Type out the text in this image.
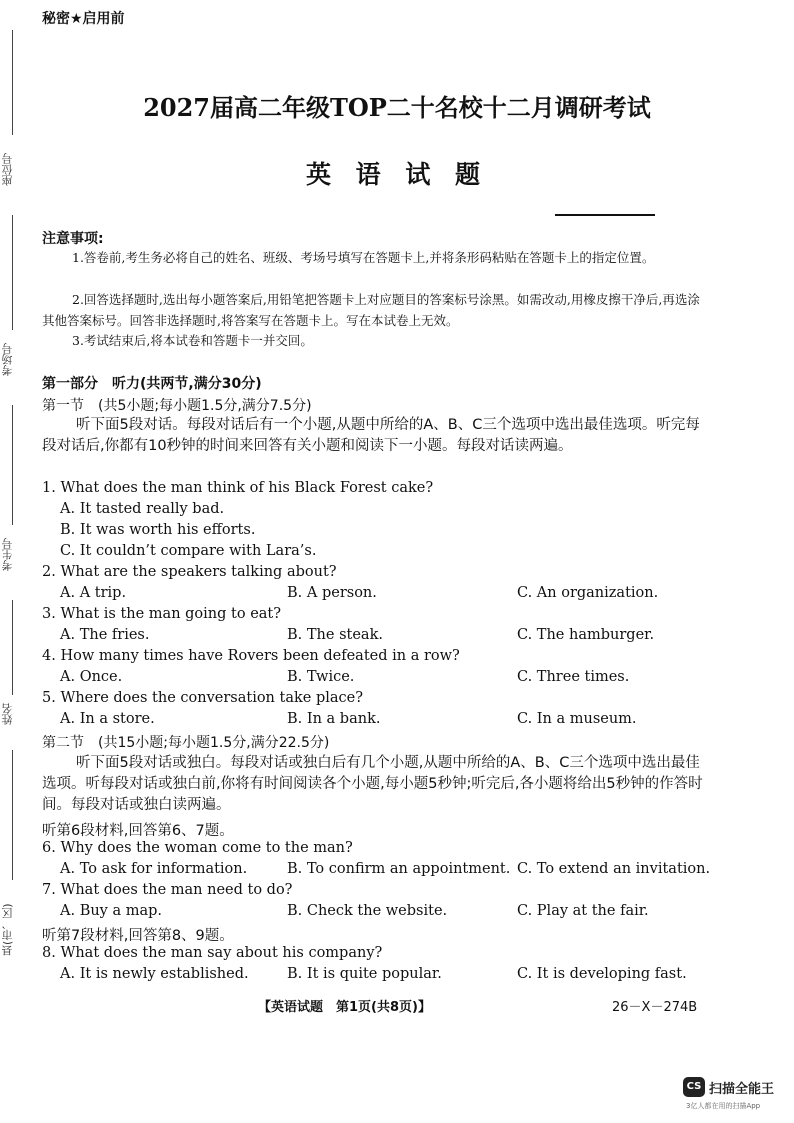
秘密★启用前
2027届高二年级TOP二十名校十二月调研考试
英 语 试 题
座位号
考场号
考生号
姓名
县(市、区)
注意事项:
1.答卷前,考生务必将自己的姓名、班级、考场号填写在答题卡上,并将条形码粘贴在答题卡上的指定位置。
2.回答选择题时,选出每小题答案后,用铅笔把答题卡上对应题目的答案标号涂黑。如需改动,用橡皮擦干净后,再选涂其他答案标号。回答非选择题时,将答案写在答题卡上。写在本试卷上无效。
3.考试结束后,将本试卷和答题卡一并交回。
第一部分　听力(共两节,满分30分)
第一节　(共5小题;每小题1.5分,满分7.5分)
听下面5段对话。每段对话后有一个小题,从题中所给的A、B、C三个选项中选出最佳选项。听完每段对话后,你都有10秒钟的时间来回答有关小题和阅读下一小题。每段对话读两遍。
1. What does the man think of his Black Forest cake?
A. It tasted really bad.
B. It was worth his efforts.
C. It couldn’t compare with Lara’s.
2. What are the speakers talking about?
A. A trip.	B. A person.	C. An organization.
3. What is the man going to eat?
A. The fries.	B. The steak.	C. The hamburger.
4. How many times have Rovers been defeated in a row?
A. Once.	B. Twice.	C. Three times.
5. Where does the conversation take place?
A. In a store.	B. In a bank.	C. In a museum.
第二节　(共15小题;每小题1.5分,满分22.5分)
听下面5段对话或独白。每段对话或独白后有几个小题,从题中所给的A、B、C三个选项中选出最佳选项。听每段对话或独白前,你将有时间阅读各个小题,每小题5秒钟;听完后,各小题将给出5秒钟的作答时间。每段对话或独白读两遍。
听第6段材料,回答第6、7题。
6. Why does the woman come to the man?
A. To ask for information.	B. To confirm an appointment. C. To extend an invitation.
7. What does the man need to do?
A. Buy a map.	B. Check the website.	C. Play at the fair.
听第7段材料,回答第8、9题。
8. What does the man say about his company?
A. It is newly established.	B. It is quite popular.	C. It is developing fast.
【英语试题　第1页(共8页)】	26－X－274B
CS 扫描全能王
3亿人都在用的扫描App
